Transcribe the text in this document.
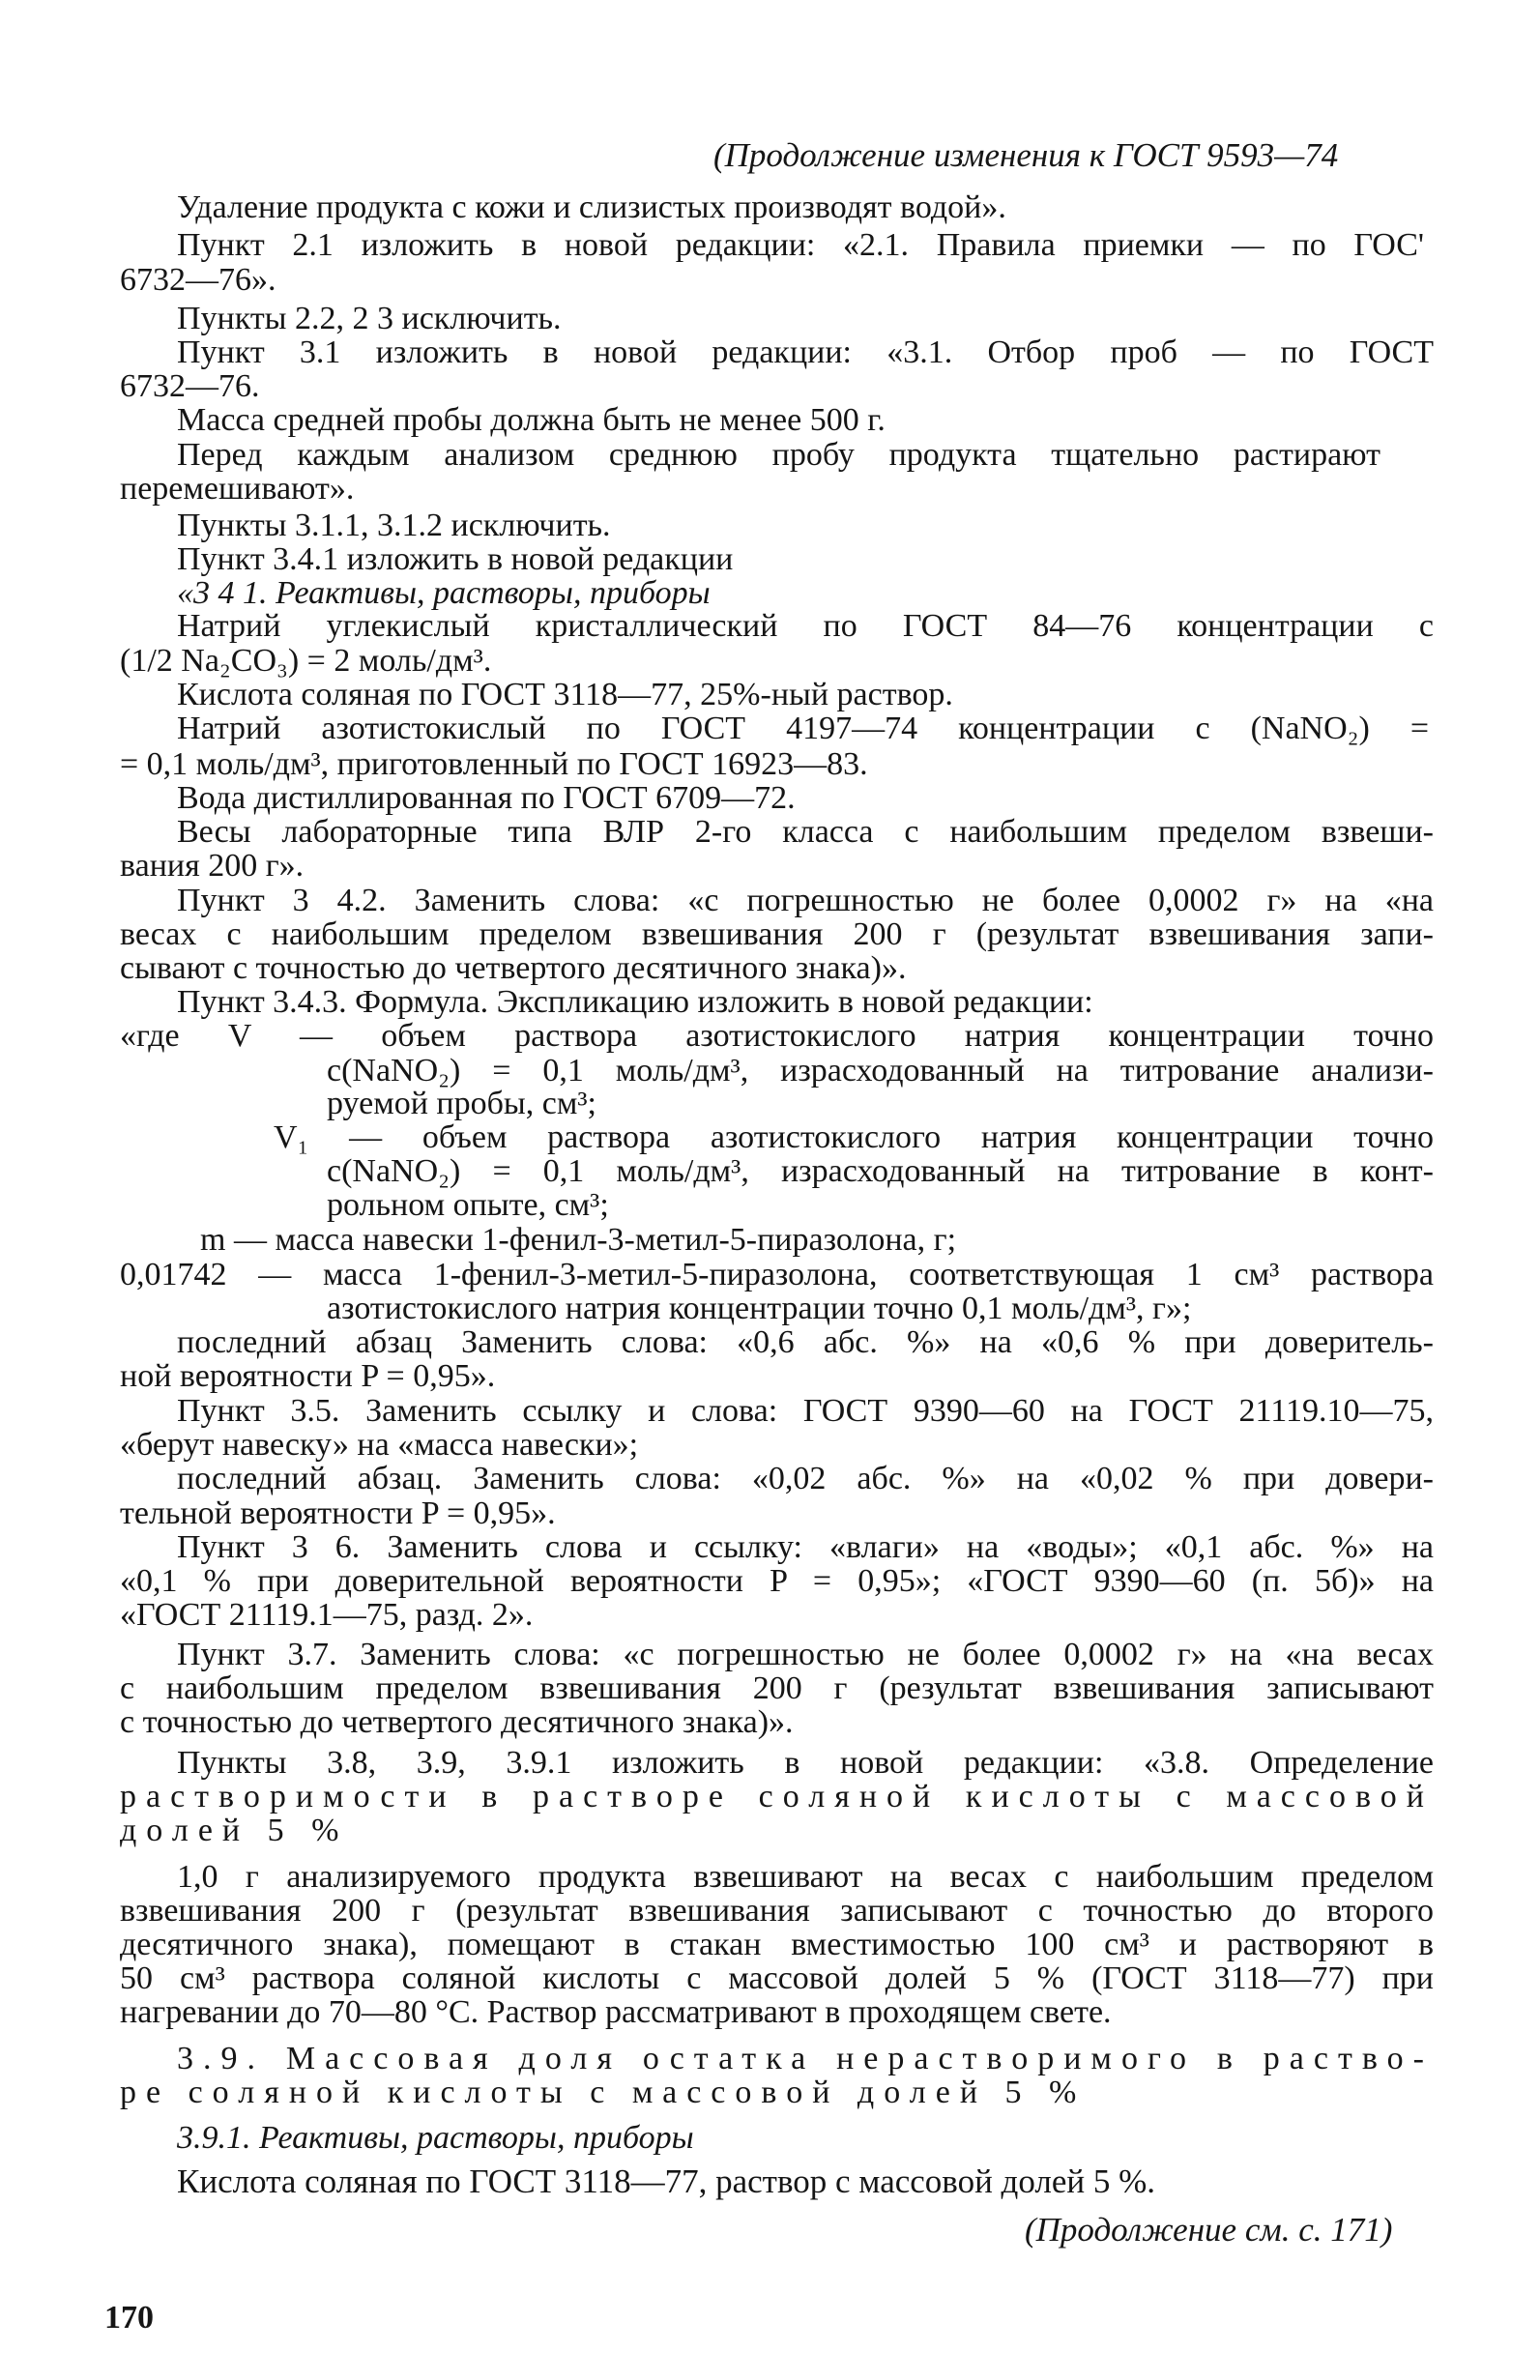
(Продолжение изменения к ГОСТ 9593—74
Удаление продукта с кожи и слизистых производят водой».
Пункт 2.1 изложить в новой редакции: «2.1. Правила приемки — по ГОС'
6732—76».
Пункты 2.2, 2 3 исключить.
Пункт 3.1 изложить в новой редакции: «3.1. Отбор проб — по ГОСТ
6732—76.
Масса средней пробы должна быть не менее 500 г.
Перед каждым анализом среднюю пробу продукта тщательно растирают
перемешивают».
Пункты 3.1.1, 3.1.2 исключить.
Пункт 3.4.1 изложить в новой редакции
«3 4 1. Реактивы, растворы, приборы
Натрий углекислый кристаллический по ГОСТ 84—76 концентрации с
(1/2 Na₂CO₃) = 2 моль/дм³.
Кислота соляная по ГОСТ 3118—77, 25%-ный раствор.
Натрий азотистокислый по ГОСТ 4197—74 концентрации с (NaNO₂) =
= 0,1 моль/дм³, приготовленный по ГОСТ 16923—83.
Вода дистиллированная по ГОСТ 6709—72.
Весы лабораторные типа ВЛР 2-го класса с наибольшим пределом взвеши-
вания 200 г».
Пункт 3 4.2. Заменить слова: «с погрешностью не более 0,0002 г» на «на
весах с наибольшим пределом взвешивания 200 г (результат взвешивания запи-
сывают с точностью до четвертого десятичного знака)».
Пункт 3.4.3. Формула. Экспликацию изложить в новой редакции:
«где V — объем раствора азотистокислого натрия концентрации точно
с(NaNO₂) = 0,1 моль/дм³, израсходованный на титрование анализи-
руемой пробы, см³;
V₁ — объем раствора азотистокислого натрия концентрации точно
с(NaNO₂) = 0,1 моль/дм³, израсходованный на титрование в конт-
рольном опыте, см³;
m — масса навески 1-фенил-3-метил-5-пиразолона, г;
0,01742 — масса 1-фенил-3-метил-5-пиразолона, соответствующая 1 см³ раствора
азотистокислого натрия концентрации точно 0,1 моль/дм³, г»;
последний абзац Заменить слова: «0,6 абс. %» на «0,6 % при доверитель-
ной вероятности P = 0,95».
Пункт 3.5. Заменить ссылку и слова: ГОСТ 9390—60 на ГОСТ 21119.10—75,
«берут навеску» на «масса навески»;
последний абзац. Заменить слова: «0,02 абс. %» на «0,02 % при довери-
тельной вероятности P = 0,95».
Пункт 3 6. Заменить слова и ссылку: «влаги» на «воды»; «0,1 абс. %» на
«0,1 % при доверительной вероятности P = 0,95»; «ГОСТ 9390—60 (п. 5б)» на
«ГОСТ 21119.1—75, разд. 2».
Пункт 3.7. Заменить слова: «с погрешностью не более 0,0002 г» на «на весах
с наибольшим пределом взвешивания 200 г (результат взвешивания записывают
с точностью до четвертого десятичного знака)».
Пункты 3.8, 3.9, 3.9.1 изложить в новой редакции: «3.8. Определение
растворимости в растворе соляной кислоты с массовой
долей 5 %
1,0 г анализируемого продукта взвешивают на весах с наибольшим пределом
взвешивания 200 г (результат взвешивания записывают с точностью до второго
десятичного знака), помещают в стакан вместимостью 100 см³ и растворяют в
50 см³ раствора соляной кислоты с массовой долей 5 % (ГОСТ 3118—77) при
нагревании до 70—80 °С. Раствор рассматривают в проходящем свете.
3.9. Массовая доля остатка нерастворимого в раство-
ре соляной кислоты с массовой долей 5 %
3.9.1. Реактивы, растворы, приборы
Кислота соляная по ГОСТ 3118—77, раствор с массовой долей 5 %.
(Продолжение см. с. 171)
170
